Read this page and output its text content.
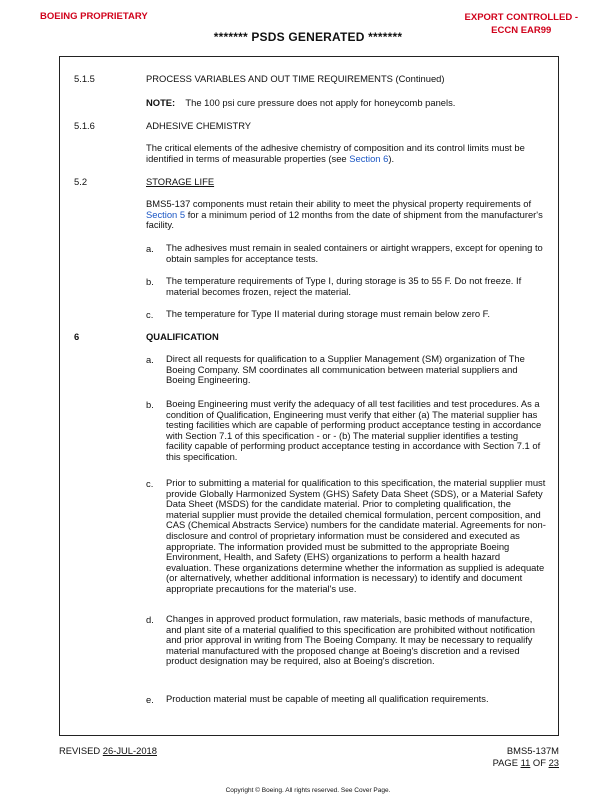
BOEING PROPRIETARY	EXPORT CONTROLLED -
ECCN EAR99
******* PSDS GENERATED *******
5.1.5	PROCESS VARIABLES AND OUT TIME REQUIREMENTS (Continued)
NOTE: The 100 psi cure pressure does not apply for honeycomb panels.
5.1.6	ADHESIVE CHEMISTRY
The critical elements of the adhesive chemistry of composition and its control limits must be identified in terms of measurable properties (see Section 6).
5.2	STORAGE LIFE
BMS5-137 components must retain their ability to meet the physical property requirements of Section 5 for a minimum period of 12 months from the date of shipment from the manufacturer's facility.
a. The adhesives must remain in sealed containers or airtight wrappers, except for opening to obtain samples for acceptance tests.
b. The temperature requirements of Type I, during storage is 35 to 55 F. Do not freeze. If material becomes frozen, reject the material.
c. The temperature for Type II material during storage must remain below zero F.
6	QUALIFICATION
a. Direct all requests for qualification to a Supplier Management (SM) organization of The Boeing Company. SM coordinates all communication between material suppliers and Boeing Engineering.
b. Boeing Engineering must verify the adequacy of all test facilities and test procedures. As a condition of Qualification, Engineering must verify that either (a) The material supplier has testing facilities which are capable of performing product acceptance testing in accordance with Section 7.1 of this specification - or - (b) The material supplier identifies a testing facility capable of performing product acceptance testing in accordance with Section 7.1 of this specification.
c. Prior to submitting a material for qualification to this specification, the material supplier must provide Globally Harmonized System (GHS) Safety Data Sheet (SDS), or a Material Safety Data Sheet (MSDS) for the candidate material. Prior to completing qualification, the material supplier must provide the detailed chemical formulation, percent composition, and CAS (Chemical Abstracts Service) numbers for the candidate material. Agreements for non-disclosure and control of proprietary information must be considered and executed as appropriate. The information provided must be submitted to the appropriate Boeing Environment, Health, and Safety (EHS) organizations to perform a health hazard evaluation. These organizations determine whether the information as supplied is adequate (or alternatively, whether additional information is necessary) to identify and document appropriate precautions for the material's use.
d. Changes in approved product formulation, raw materials, basic methods of manufacture, and plant site of a material qualified to this specification are prohibited without notification and prior approval in writing from The Boeing Company. It may be necessary to requalify material manufactured with the proposed change at Boeing's discretion and a revised product designation may be required, also at Boeing's discretion.
e. Production material must be capable of meeting all qualification requirements.
REVISED 26-JUL-2018	BMS5-137M
PAGE 11 OF 23
Copyright © Boeing. All rights reserved. See Cover Page.
